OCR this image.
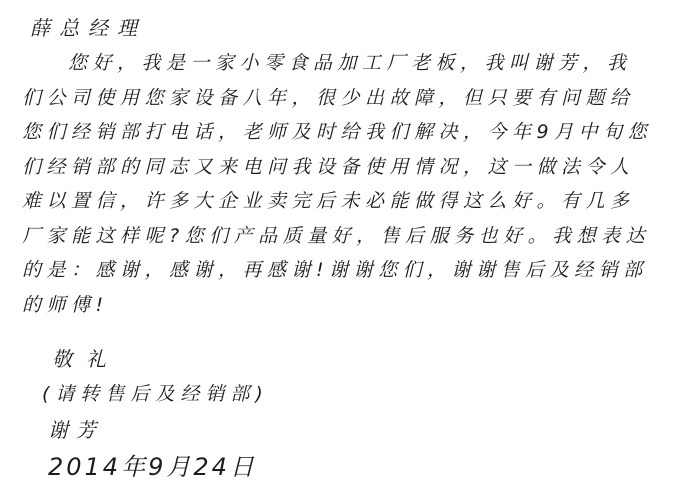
薛总经理
您好，我是一家小零食品加工厂老板，我叫谢芳，我
们公司使用您家设备八年，很少出故障，但只要有问题给
您们经销部打电话，老师及时给我们解决，今年9月中旬您
们经销部的同志又来电问我设备使用情况，这一做法令人
难以置信，许多大企业卖完后未必能做得这么好。有几多
厂家能这样呢?您们产品质量好，售后服务也好。我想表达
的是：感谢，感谢，再感谢!谢谢您们，谢谢售后及经销部
的师傅!
敬礼
(请转售后及经销部)
谢芳
2014年9月24日
